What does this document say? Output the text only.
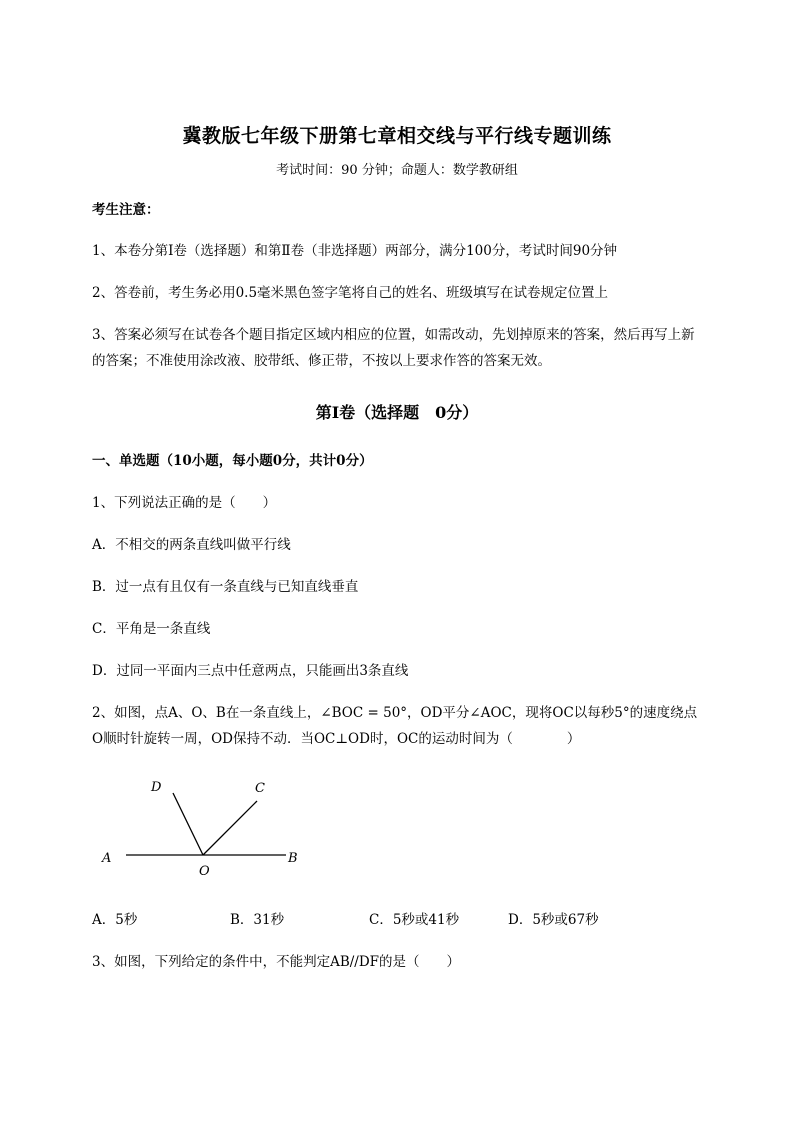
冀教版七年级下册第七章相交线与平行线专题训练
考试时间：90 分钟；命题人：数学教研组
考生注意：
1、本卷分第Ⅰ卷（选择题）和第Ⅱ卷（非选择题）两部分，满分100分，考试时间90分钟
2、答卷前，考生务必用0.5毫米黑色签字笔将自己的姓名、班级填写在试卷规定位置上
3、答案必须写在试卷各个题目指定区域内相应的位置，如需改动，先划掉原来的答案，然后再写上新
的答案；不准使用涂改液、胶带纸、修正带，不按以上要求作答的答案无效。
第Ⅰ卷（选择题　0分）
一、单选题（10小题，每小题0分，共计0分）
1、下列说法正确的是（　　）
A．不相交的两条直线叫做平行线
B．过一点有且仅有一条直线与已知直线垂直
C．平角是一条直线
D．过同一平面内三点中任意两点，只能画出3条直线
2、如图，点A、O、B在一条直线上，∠BOC = 50°，OD平分∠AOC，现将OC以每秒5°的速度绕点
O顺时针旋转一周，OD保持不动．当OC⊥OD时，OC的运动时间为（　　　　）
A	B
C
D
O
A．5秒	B．31秒	C．5秒或41秒	D．5秒或67秒
3、如图，下列给定的条件中，不能判定AB//DF的是（　　）
